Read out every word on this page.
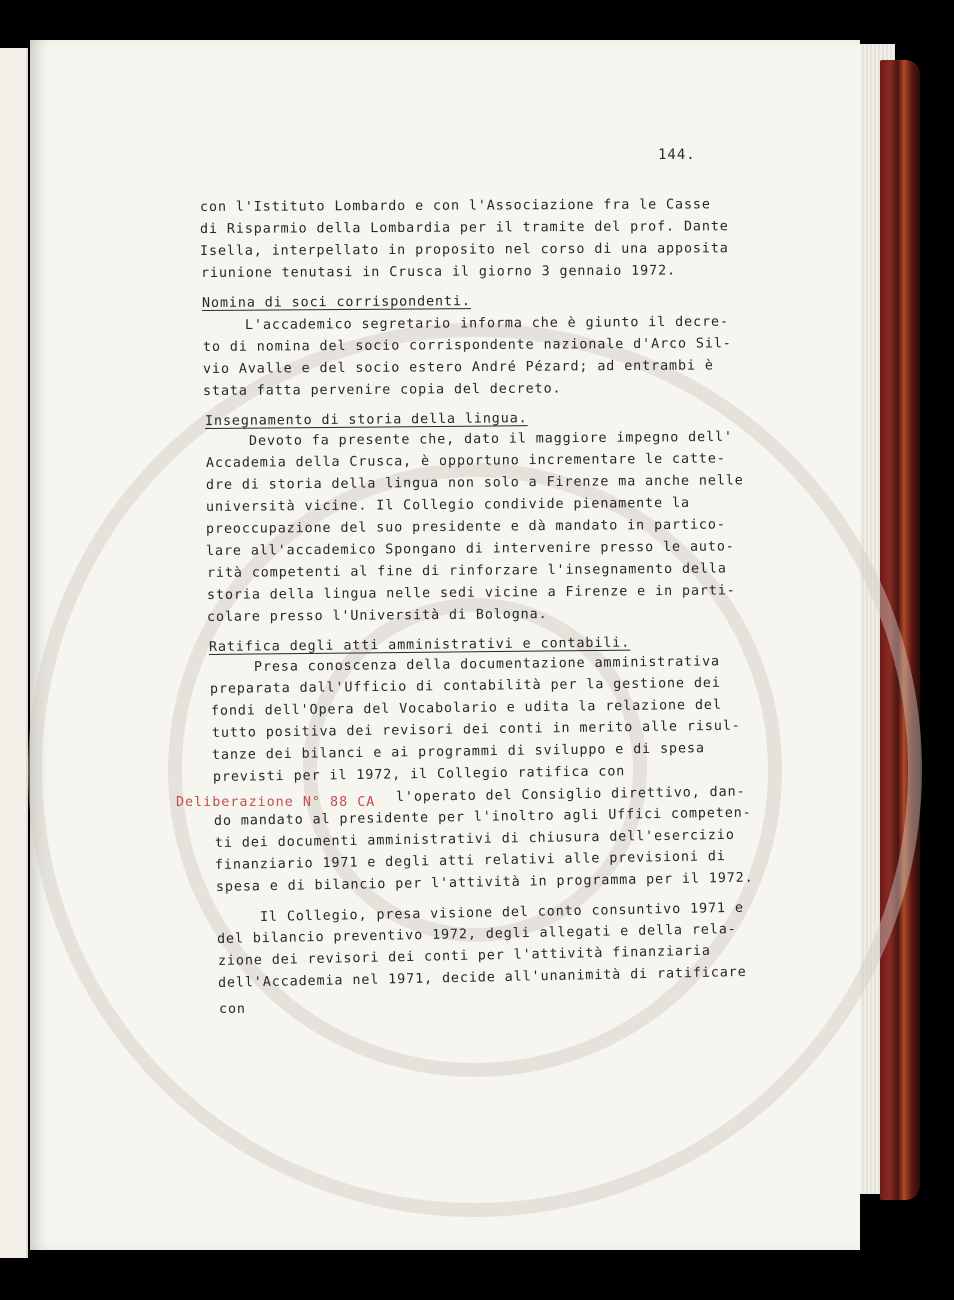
144.
con l'Istituto Lombardo e con l'Associazione fra le Casse
di Risparmio della Lombardia per il tramite del prof. Dante
Isella, interpellato in proposito nel corso di una apposita
riunione tenutasi in Crusca il giorno 3 gennaio 1972.
Nomina di soci corrispondenti.
L'accademico segretario informa che è giunto il decre-
to di nomina del socio corrispondente nazionale d'Arco Sil-
vio Avalle e del socio estero André Pézard; ad entrambi è
stata fatta pervenire copia del decreto.
Insegnamento di storia della lingua.
Devoto fa presente che, dato il maggiore impegno dell'
Accademia della Crusca, è opportuno incrementare le catte-
dre di storia della lingua non solo a Firenze ma anche nelle
università vicine. Il Collegio condivide pienamente la
preoccupazione del suo presidente e dà mandato in partico-
lare all'accademico Spongano di intervenire presso le auto-
rità competenti al fine di rinforzare l'insegnamento della
storia della lingua nelle sedi vicine a Firenze e in parti-
colare presso l'Università di Bologna.
Ratifica degli atti amministrativi e contabili.
Presa conoscenza della documentazione amministrativa
preparata dall'Ufficio di contabilità per la gestione dei
fondi dell'Opera del Vocabolario e udita la relazione del
tutto positiva dei revisori dei conti in merito alle risul-
tanze dei bilanci e ai programmi di sviluppo e di spesa
previsti per il 1972, il Collegio ratifica con
Deliberazione N° 88 CA l'operato del Consiglio direttivo, dan-
do mandato al presidente per l'inoltro agli Uffici competen-
ti dei documenti amministrativi di chiusura dell'esercizio
finanziario 1971 e degli atti relativi alle previsioni di
spesa e di bilancio per l'attività in programma per il 1972.
Il Collegio, presa visione del conto consuntivo 1971 e
del bilancio preventivo 1972, degli allegati e della rela-
zione dei revisori dei conti per l'attività finanziaria
dell'Accademia nel 1971, decide all'unanimità di ratificare
con
